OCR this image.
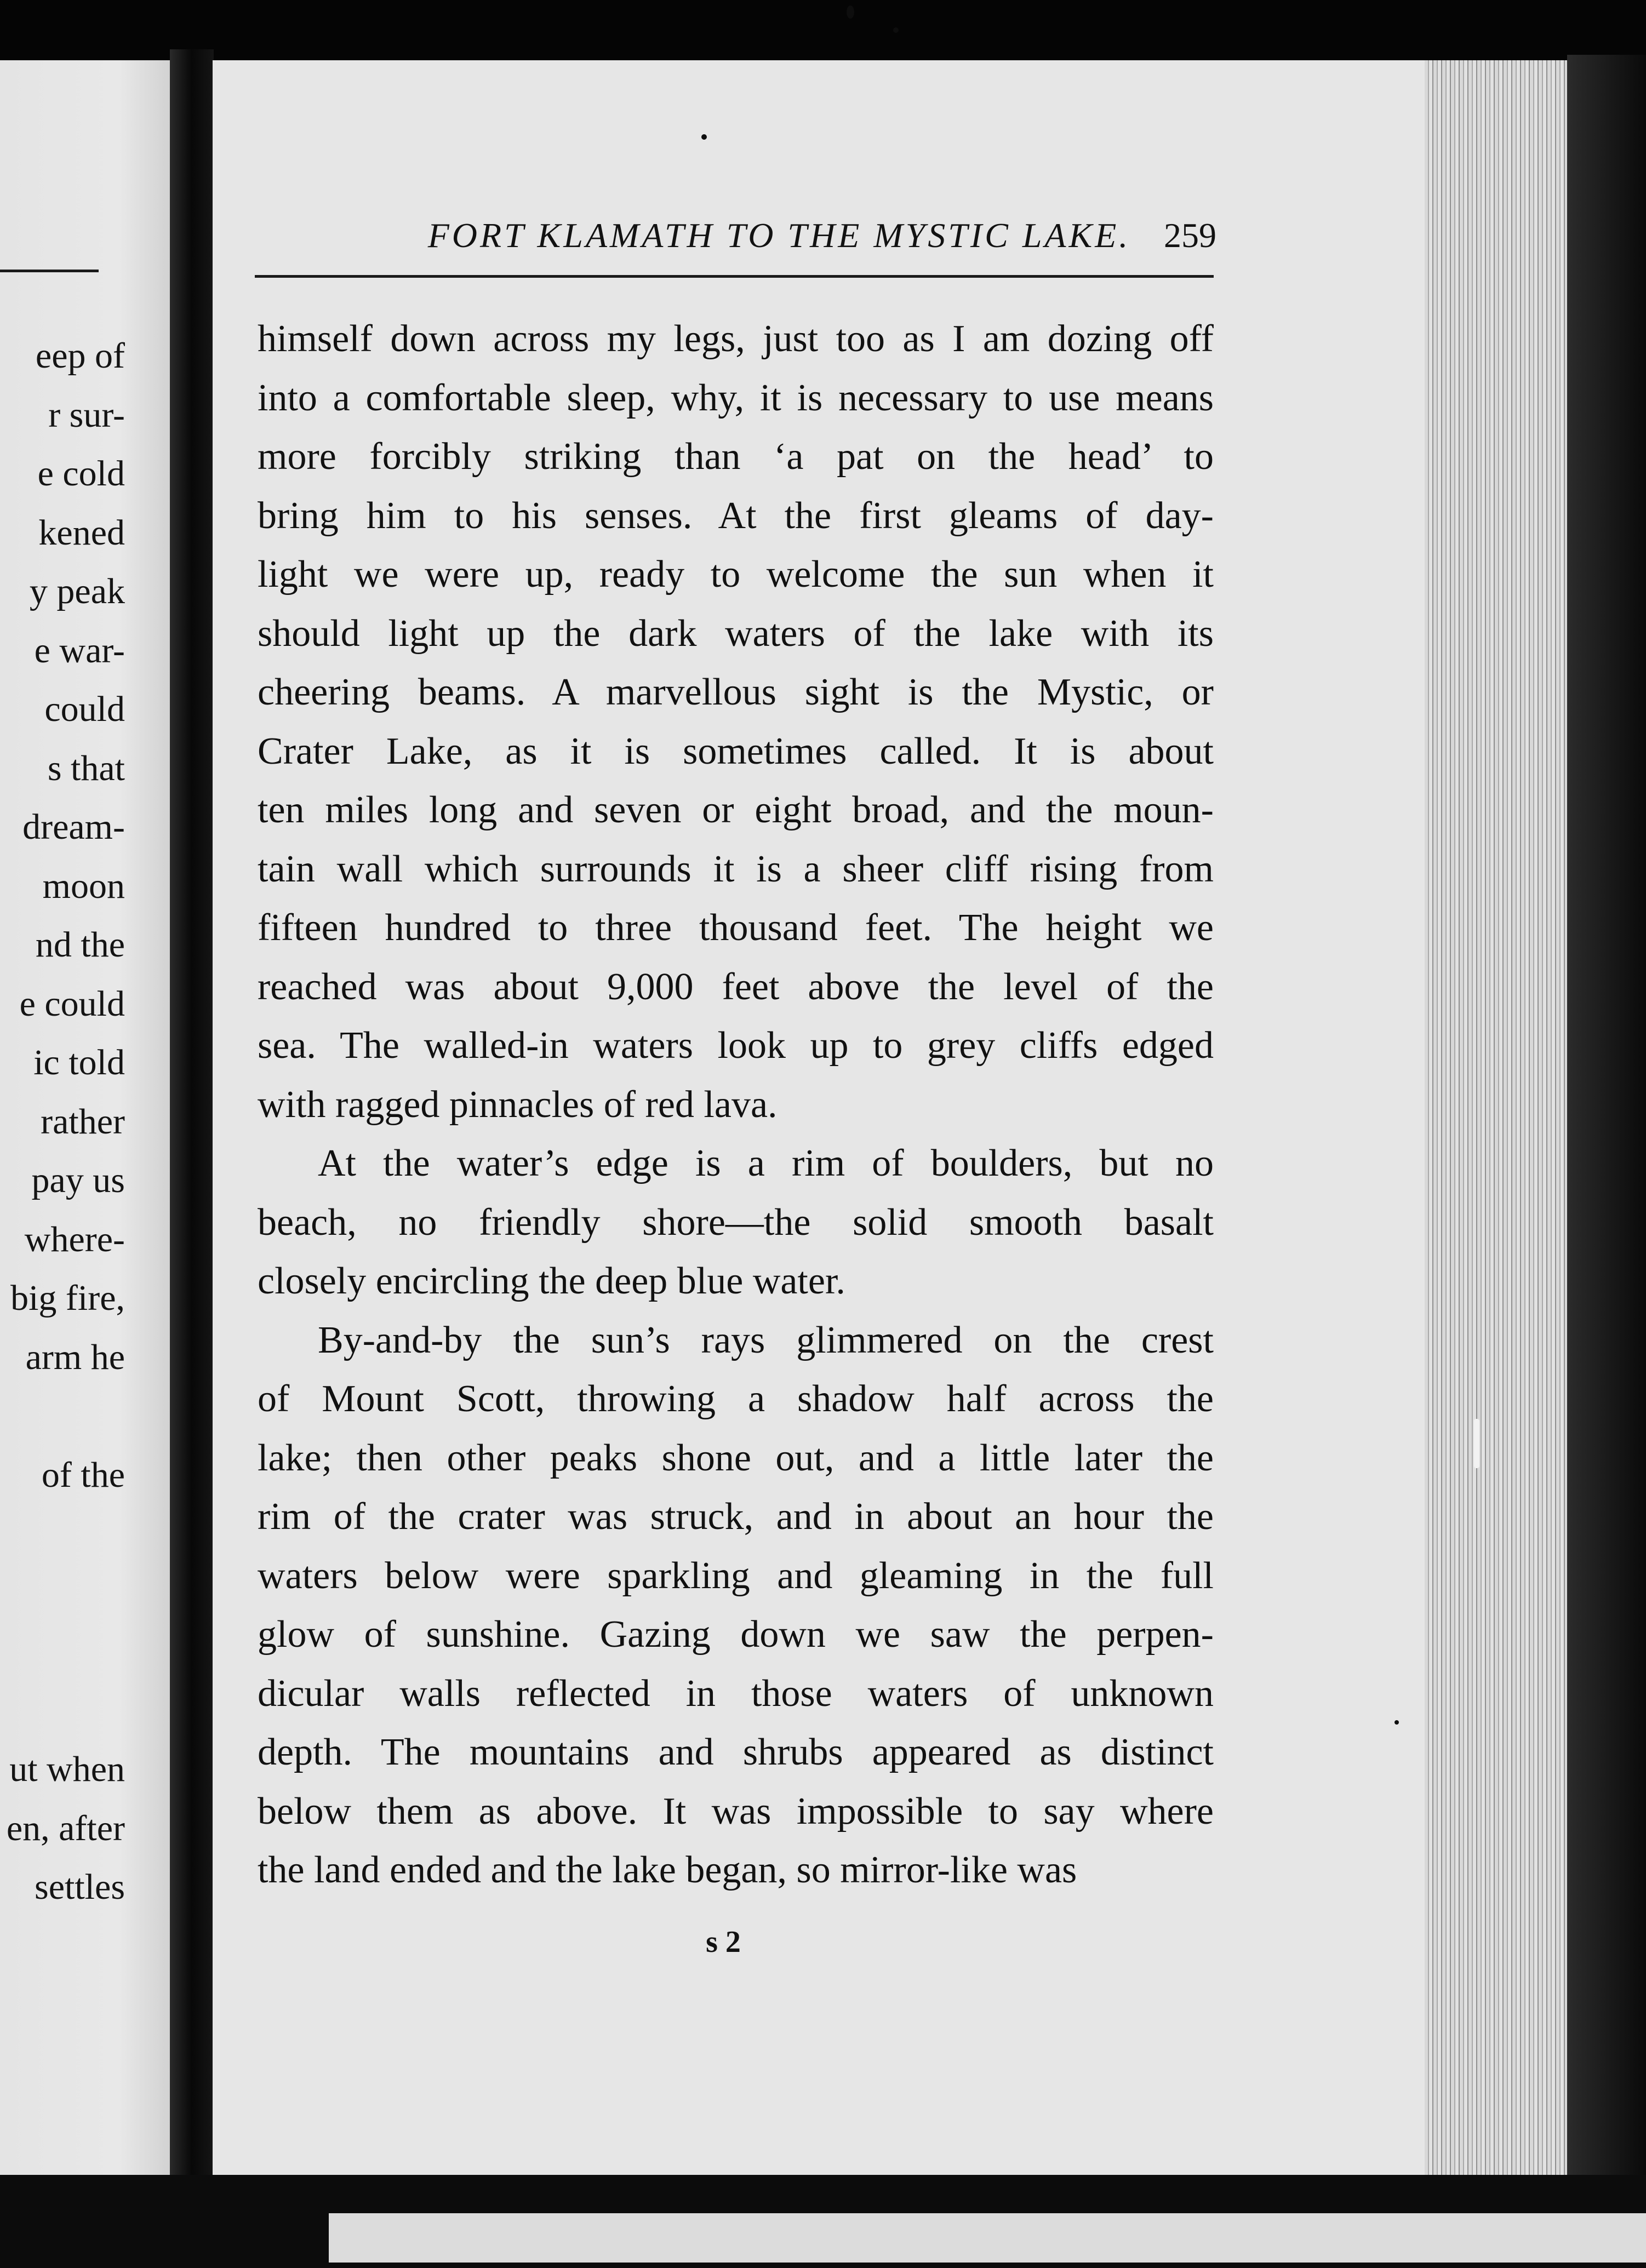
eep of
r sur-
e cold
kened
y peak
e war-
could
s that
dream-
moon
nd the
e could
ic told
rather
pay us
where-
big fire,
arm he
of the
ut when
en, after
settles
FORT KLAMATH TO THE MYSTIC LAKE. 259
himself down across my legs, just too as I am dozing off
into a comfortable sleep, why, it is necessary to use means
more forcibly striking than ‘a pat on the head’ to
bring him to his senses. At the first gleams of day-
light we were up, ready to welcome the sun when it
should light up the dark waters of the lake with its
cheering beams. A marvellous sight is the Mystic, or
Crater Lake, as it is sometimes called. It is about
ten miles long and seven or eight broad, and the moun-
tain wall which surrounds it is a sheer cliff rising from
fifteen hundred to three thousand feet. The height we
reached was about 9,000 feet above the level of the
sea. The walled-in waters look up to grey cliffs edged
with ragged pinnacles of red lava.
At the water’s edge is a rim of boulders, but no
beach, no friendly shore—the solid smooth basalt
closely encircling the deep blue water.
By-and-by the sun’s rays glimmered on the crest
of Mount Scott, throwing a shadow half across the
lake; then other peaks shone out, and a little later the
rim of the crater was struck, and in about an hour the
waters below were sparkling and gleaming in the full
glow of sunshine. Gazing down we saw the perpen-
dicular walls reflected in those waters of unknown
depth. The mountains and shrubs appeared as distinct
below them as above. It was impossible to say where
the land ended and the lake began, so mirror-like was
s 2
